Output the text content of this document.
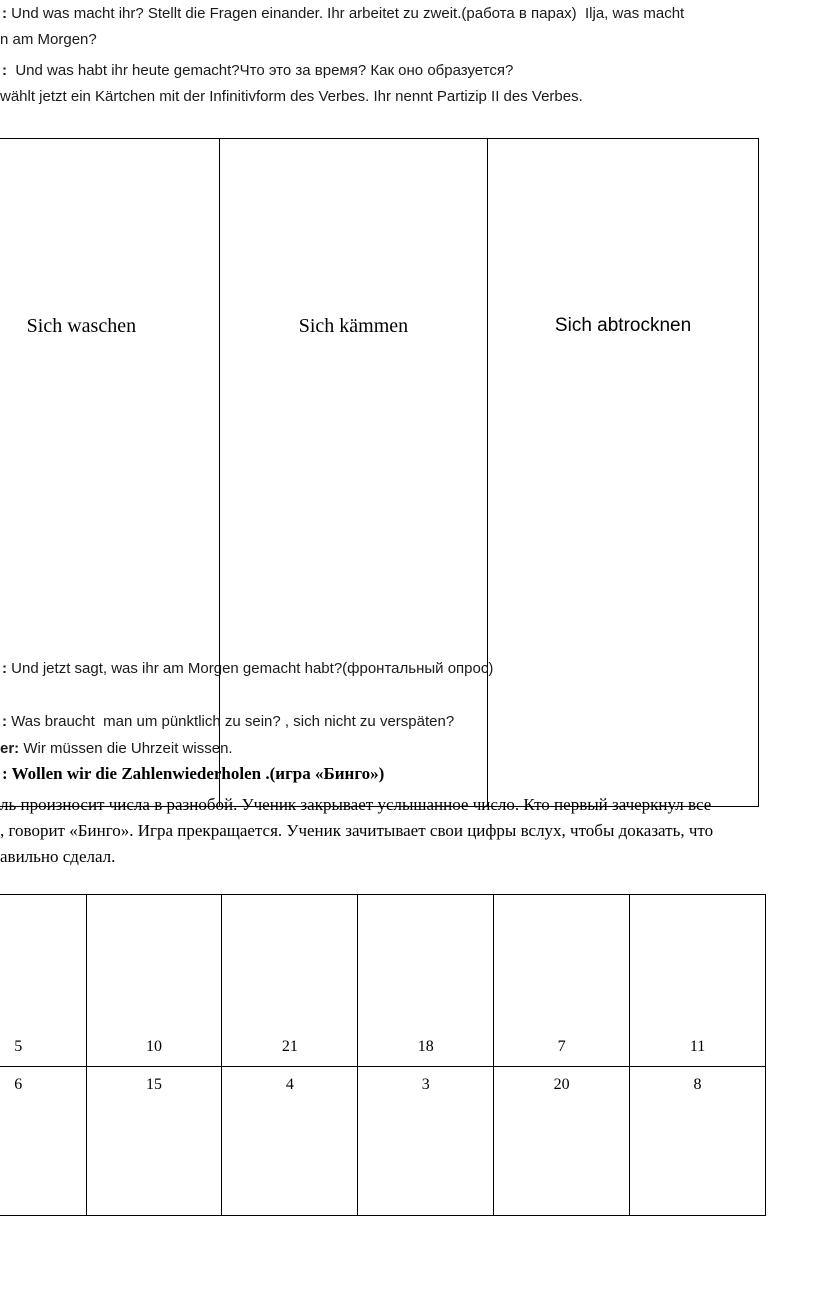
: Und was macht ihr? Stellt die Fragen einander. Ihr arbeitet zu zweit.(работа в парах)  Ilja, was macht
n am Morgen?
:  Und was habt ihr heute gemacht?Что это за время? Как оно образуется?
wählt jetzt ein Kärtchen mit der Infinitivform des Verbes. Ihr nennt Partizip II des Verbes.
Sich waschen	Sich kämmen	Sich abtrocknen
: Und jetzt sagt, was ihr am Morgen gemacht habt?(фронтальный опрос)
: Was braucht  man um pünktlich zu sein? , sich nicht zu verspäten?
er: Wir müssen die Uhrzeit wissen.
: Wollen wir die Zahlenwiederholen .(игра «Бинго»)
ль произносит числа в разнобой. Ученик закрывает услышанное число. Кто первый зачеркнул все
, говорит «Бинго». Игра прекращается. Ученик зачитывает свои цифры вслух, чтобы доказать, что
авильно сделал.
5	10	21	18	7	11
6	15	4	3	20	8
